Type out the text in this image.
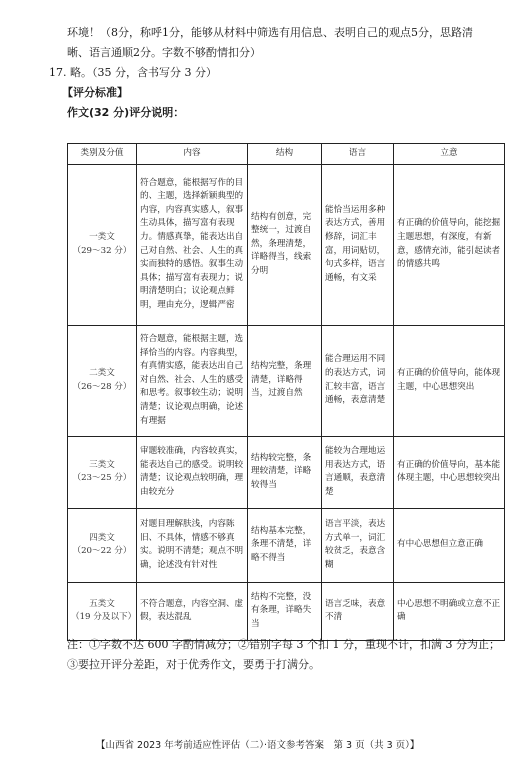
环境！（8分，称呼1分，能够从材料中筛选有用信息、表明自己的观点5分，思路清
晰、语言通顺2分。字数不够酌情扣分）
17. 略。（35 分，含书写分 3 分）
【评分标准】
作文(32 分)评分说明：
类别及分值	内容	结构	语言	立意

一类文
（29～32 分）	符合题意，能根据写作的目的、主题，选择新颖典型的内容，内容真实感人，叙事生动具体，描写富有表现力。情感真挚，能表达出自己对自然、社会、人生的真实而独特的感悟。叙事生动具体；描写富有表现力；说明清楚明白；议论观点鲜明，理由充分，逻辑严密	结构有创意，完整统一，过渡自然，条理清楚，详略得当，线索分明	能恰当运用多种表达方式，善用修辞，词汇丰富，用词贴切，句式多样，语言通畅，有文采	有正确的价值导向，能挖掘主题思想，有深度，有新意，感情充沛，能引起读者的情感共鸣

二类文
（26～28 分）	符合题意，能根据主题，选择恰当的内容。内容典型，有真情实感，能表达出自己对自然、社会、人生的感受和思考。叙事较生动；说明清楚；议论观点明确，论述有理据	结构完整，条理清楚，详略得当，过渡自然	能合理运用不同的表达方式，词汇较丰富，语言通畅，表意清楚	有正确的价值导向，能体现主题，中心思想突出

三类文
（23～25 分）	审题较准确，内容较真实，能表达自己的感受。说明较清楚；议论观点较明确，理由较充分	结构较完整，条理较清楚，详略较得当	能较为合理地运用表达方式，语言通顺，表意清楚	有正确的价值导向，基本能体现主题，中心思想较突出

四类文
（20～22 分）	对题目理解肤浅，内容陈旧、不具体，情感不够真实。说明不清楚；观点不明确，论述没有针对性	结构基本完整，条理不清楚，详略不得当	语言平淡，表达方式单一，词汇较贫乏，表意含糊	有中心思想但立意正确

五类文
（19 分及以下）	不符合题意，内容空洞、虚假，表达混乱	结构不完整，没有条理，详略失当	语言乏味，表意不清	中心思想不明确或立意不正确
注：①字数不达 600 字酌情减分；②错别字每 3 个扣 1 分，重现不计，扣满 3 分为止；
③要拉开评分差距，对于优秀作文，要勇于打满分。
【山西省 2023 年考前适应性评估（二）·语文参考答案　第 3 页（共 3 页）】
